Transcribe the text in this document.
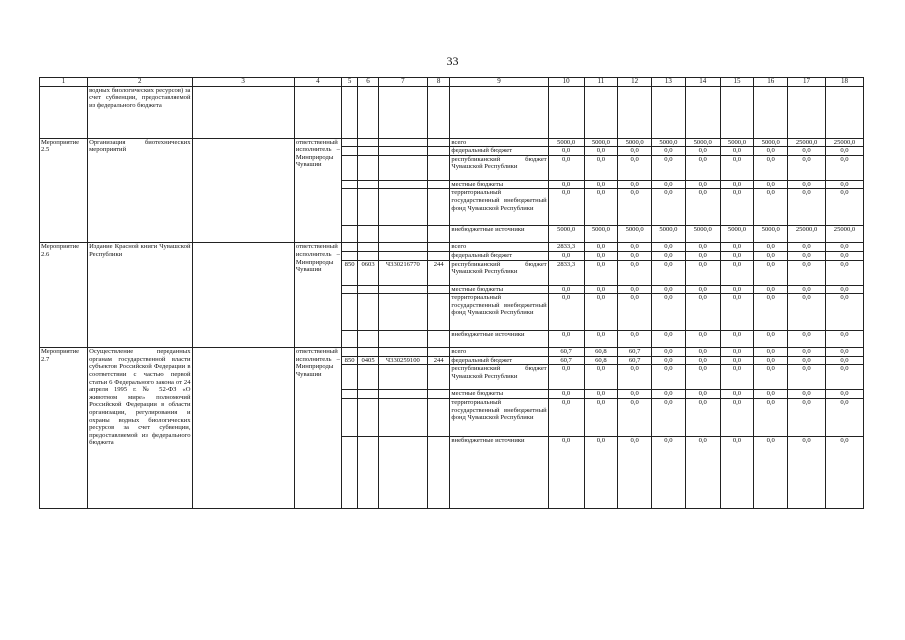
33
1	2	3	4	5	6	7	8	9	10	11	12	13	14	15	16	17	18
	водных биологических ресурсов) за счет субвенции, предоставляемой из федерального бюджета																
Мероприятие 2.5	Организация биотехнических мероприятий		ответственный исполнитель – Минприроды Чувашии					всего	5000,0	5000,0	5000,0	5000,0	5000,0	5000,0	5000,0	25000,0	25000,0
								федеральный бюджет	0,0	0,0	0,0	0,0	0,0	0,0	0,0	0,0	0,0
								республиканский бюджет Чувашской Республики	0,0	0,0	0,0	0,0	0,0	0,0	0,0	0,0	0,0
								местные бюджеты	0,0	0,0	0,0	0,0	0,0	0,0	0,0	0,0	0,0
								территориальный государственный внебюджетный фонд Чувашской Республики	0,0	0,0	0,0	0,0	0,0	0,0	0,0	0,0	0,0
								внебюджетные источники	5000,0	5000,0	5000,0	5000,0	5000,0	5000,0	5000,0	25000,0	25000,0
Мероприятие 2.6	Издание Красной книги Чувашской Республики		ответственный исполнитель – Минприроды Чувашии					всего	2833,3	0,0	0,0	0,0	0,0	0,0	0,0	0,0	0,0
								федеральный бюджет	0,0	0,0	0,0	0,0	0,0	0,0	0,0	0,0	0,0
				850	0603	Ч330216770	244	республиканский бюджет Чувашской Республики	2833,3	0,0	0,0	0,0	0,0	0,0	0,0	0,0	0,0
								местные бюджеты	0,0	0,0	0,0	0,0	0,0	0,0	0,0	0,0	0,0
								территориальный государственный внебюджетный фонд Чувашской Республики	0,0	0,0	0,0	0,0	0,0	0,0	0,0	0,0	0,0
								внебюджетные источники	0,0	0,0	0,0	0,0	0,0	0,0	0,0	0,0	0,0
Мероприятие 2.7	Осуществление переданных органам государственной власти субъектов Российской Федерации в соответствии с частью первой статьи 6 Федерального закона от 24 апреля 1995 г. № 52-ФЗ «О животном мире» полномочий Российской Федерации в области организации, регулирования и охраны водных биологических ресурсов за счет субвенции, предоставляемой из федерального бюджета		ответственный исполнитель – Минприроды Чувашии					всего	60,7	60,8	60,7	0,0	0,0	0,0	0,0	0,0	0,0
				850	0405	Ч330259100	244	федеральный бюджет	60,7	60,8	60,7	0,0	0,0	0,0	0,0	0,0	0,0
								республиканский бюджет Чувашской Республики	0,0	0,0	0,0	0,0	0,0	0,0	0,0	0,0	0,0
								местные бюджеты	0,0	0,0	0,0	0,0	0,0	0,0	0,0	0,0	0,0
								территориальный государственный внебюджетный фонд Чувашской Республики	0,0	0,0	0,0	0,0	0,0	0,0	0,0	0,0	0,0
								внебюджетные источники	0,0	0,0	0,0	0,0	0,0	0,0	0,0	0,0	0,0
